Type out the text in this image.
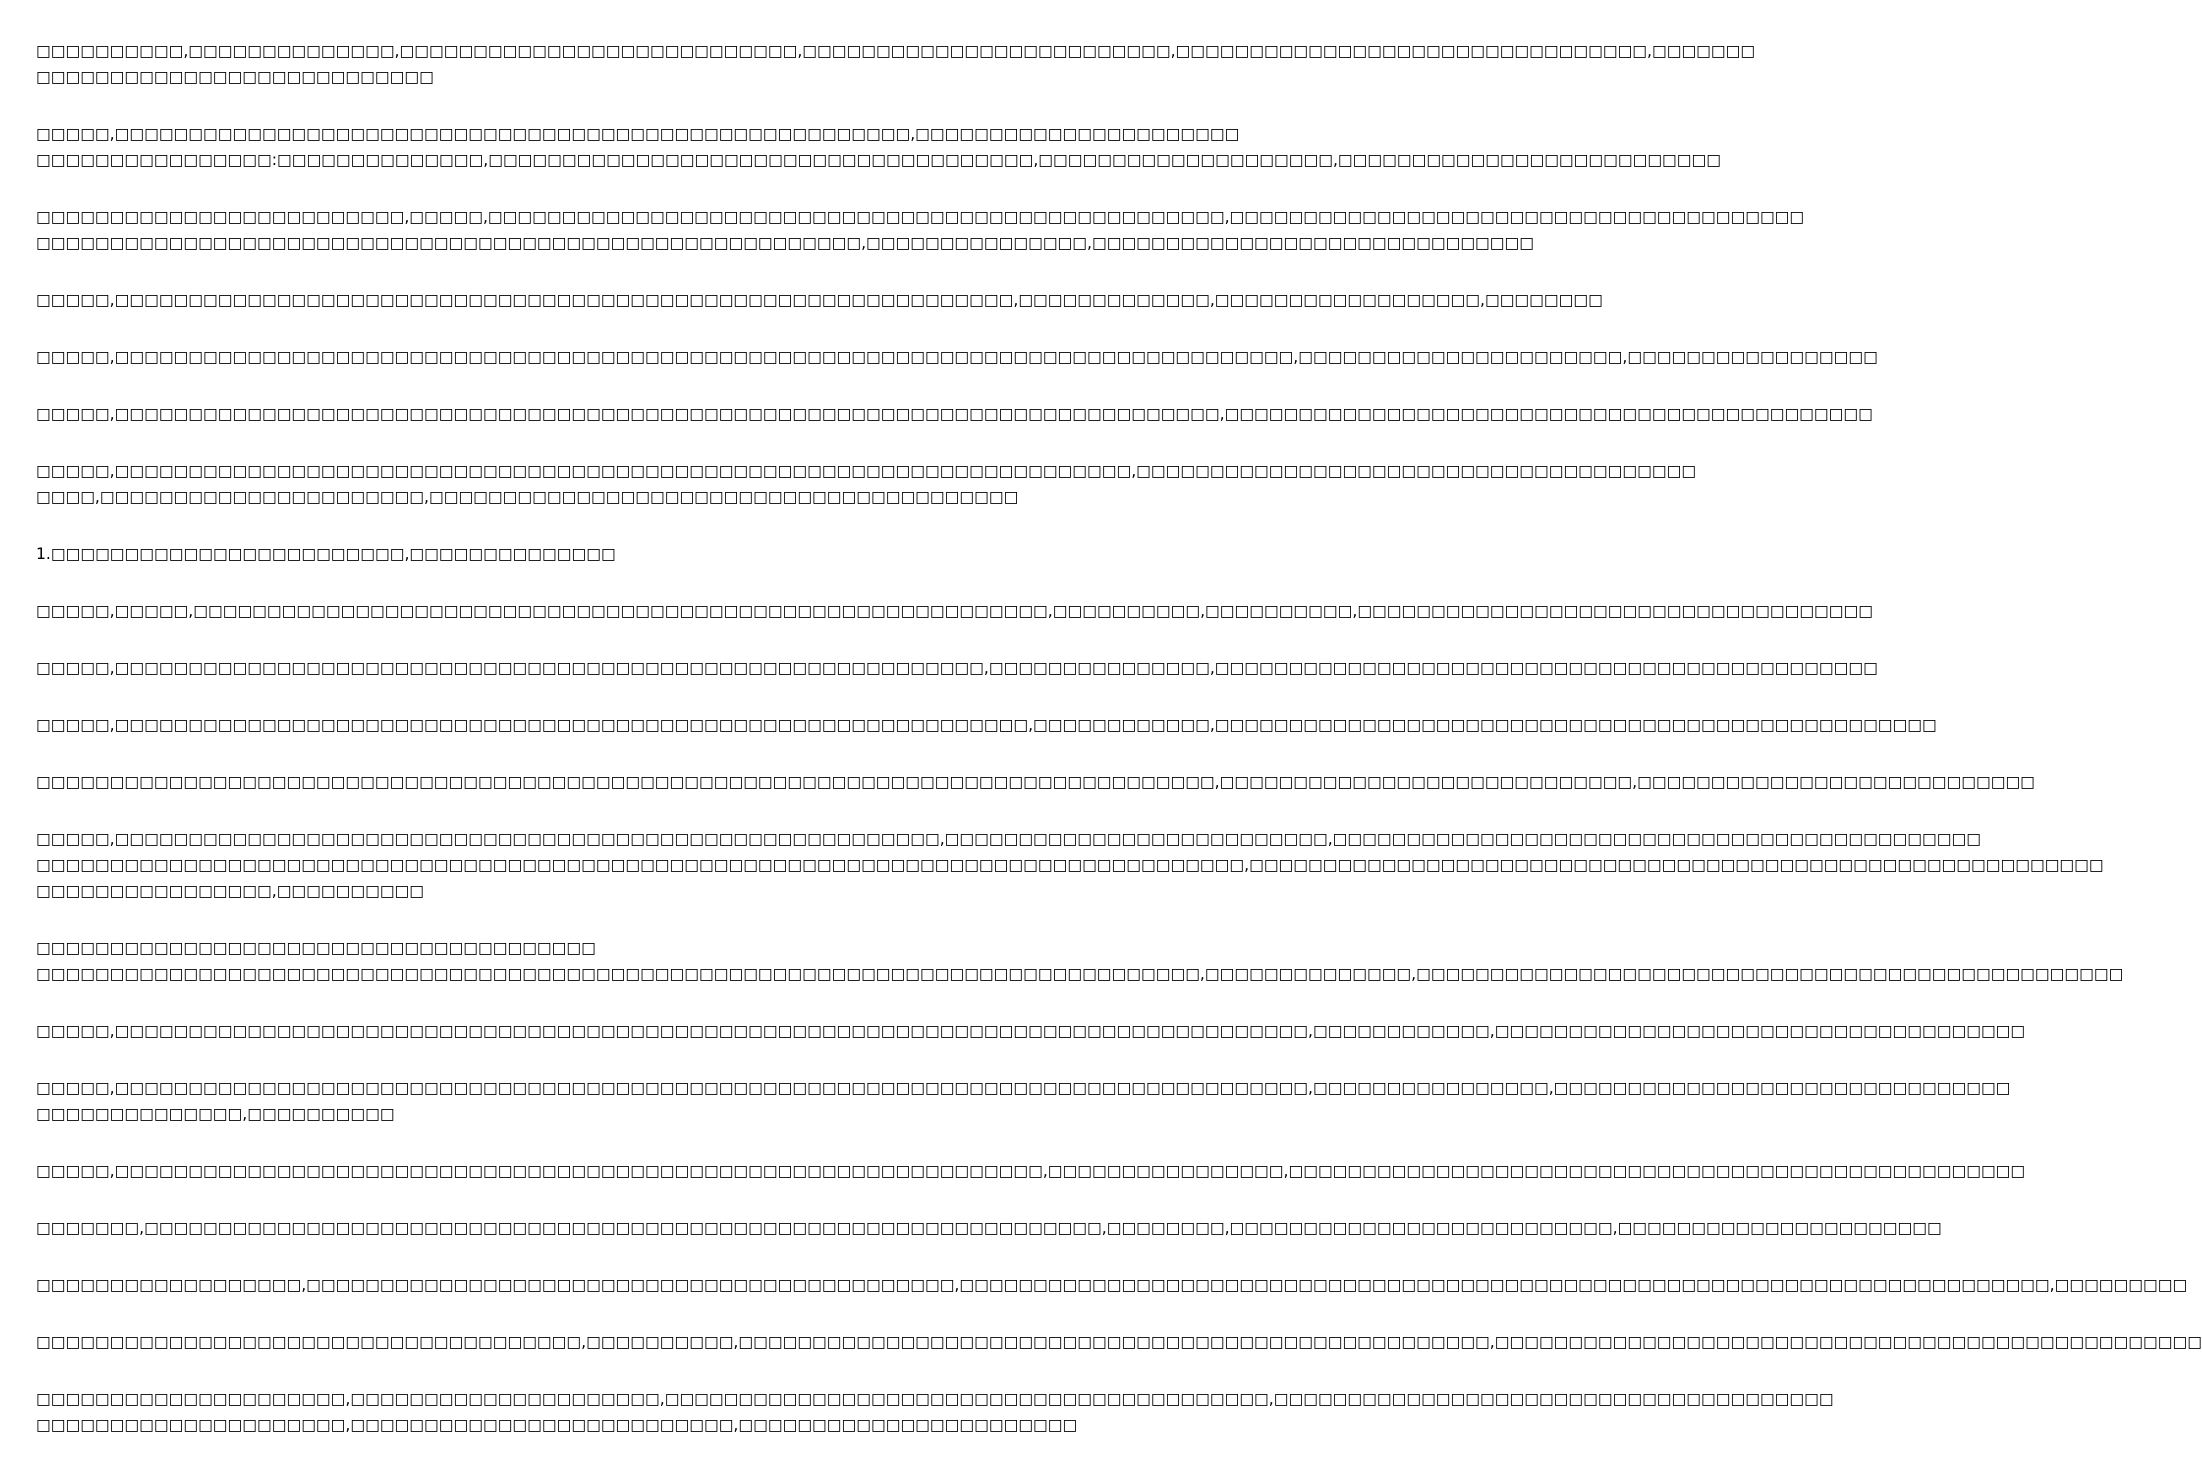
□□□□□□□□□□,□□□□□□□□□□□□□□,□□□□□□□□□□□□□□□□□□□□□□□□□□□,□□□□□□□□□□□□□□□□□□□□□□□□□,□□□□□□□□□□□□□□□□□□□□□□□□□□□□□□□□,□□□□□□□
□□□□□□□□□□□□□□□□□□□□□□□□□□□

□□□□□,□□□□□□□□□□□□□□□□□□□□□□□□□□□□□□□□□□□□□□□□□□□□□□□□□□□□□□,□□□□□□□□□□□□□□□□□□□□□□
□□□□□□□□□□□□□□□□:□□□□□□□□□□□□□□,□□□□□□□□□□□□□□□□□□□□□□□□□□□□□□□□□□□□□,□□□□□□□□□□□□□□□□□□□□,□□□□□□□□□□□□□□□□□□□□□□□□□□

□□□□□□□□□□□□□□□□□□□□□□□□□,□□□□□,□□□□□□□□□□□□□□□□□□□□□□□□□□□□□□□□□□□□□□□□□□□□□□□□□□,□□□□□□□□□□□□□□□□□□□□□□□□□□□□□□□□□□□□□□□
□□□□□□□□□□□□□□□□□□□□□□□□□□□□□□□□□□□□□□□□□□□□□□□□□□□□□□□□,□□□□□□□□□□□□□□□,□□□□□□□□□□□□□□□□□□□□□□□□□□□□□□

□□□□□,□□□□□□□□□□□□□□□□□□□□□□□□□□□□□□□□□□□□□□□□□□□□□□□□□□□□□□□□□□□□□,□□□□□□□□□□□□□,□□□□□□□□□□□□□□□□□□,□□□□□□□□

□□□□□,□□□□□□□□□□□□□□□□□□□□□□□□□□□□□□□□□□□□□□□□□□□□□□□□□□□□□□□□□□□□□□□□□□□□□□□□□□□□□□□□,□□□□□□□□□□□□□□□□□□□□□□,□□□□□□□□□□□□□□□□□

□□□□□,□□□□□□□□□□□□□□□□□□□□□□□□□□□□□□□□□□□□□□□□□□□□□□□□□□□□□□□□□□□□□□□□□□□□□□□□□□□,□□□□□□□□□□□□□□□□□□□□□□□□□□□□□□□□□□□□□□□□□□□□

□□□□□,□□□□□□□□□□□□□□□□□□□□□□□□□□□□□□□□□□□□□□□□□□□□□□□□□□□□□□□□□□□□□□□□□□□□□,□□□□□□□□□□□□□□□□□□□□□□□□□□□□□□□□□□□□□□
□□□□,□□□□□□□□□□□□□□□□□□□□□□,□□□□□□□□□□□□□□□□□□□□□□□□□□□□□□□□□□□□□□□□

1.□□□□□□□□□□□□□□□□□□□□□□□□,□□□□□□□□□□□□□□

□□□□□,□□□□□,□□□□□□□□□□□□□□□□□□□□□□□□□□□□□□□□□□□□□□□□□□□□□□□□□□□□□□□□□□,□□□□□□□□□□,□□□□□□□□□□,□□□□□□□□□□□□□□□□□□□□□□□□□□□□□□□□□□□

□□□□□,□□□□□□□□□□□□□□□□□□□□□□□□□□□□□□□□□□□□□□□□□□□□□□□□□□□□□□□□□□□,□□□□□□□□□□□□□□□,□□□□□□□□□□□□□□□□□□□□□□□□□□□□□□□□□□□□□□□□□□□□□

□□□□□,□□□□□□□□□□□□□□□□□□□□□□□□□□□□□□□□□□□□□□□□□□□□□□□□□□□□□□□□□□□□□□,□□□□□□□□□□□□,□□□□□□□□□□□□□□□□□□□□□□□□□□□□□□□□□□□□□□□□□□□□□□□□□

□□□□□□□□□□□□□□□□□□□□□□□□□□□□□□□□□□□□□□□□□□□□□□□□□□□□□□□□□□□□□□□□□□□□□□□□□□□□□□□□,□□□□□□□□□□□□□□□□□□□□□□□□□□□□,□□□□□□□□□□□□□□□□□□□□□□□□□□□

□□□□□,□□□□□□□□□□□□□□□□□□□□□□□□□□□□□□□□□□□□□□□□□□□□□□□□□□□□□□□□,□□□□□□□□□□□□□□□□□□□□□□□□□□,□□□□□□□□□□□□□□□□□□□□□□□□□□□□□□□□□□□□□□□□□□□□
□□□□□□□□□□□□□□□□□□□□□□□□□□□□□□□□□□□□□□□□□□□□□□□□□□□□□□□□□□□□□□□□□□□□□□□□□□□□□□□□□□,□□□□□□□□□□□□□□□□□□□□□□□□□□□□□□□□□□□□□□□□□□□□□□□□□□□□□□□□□□
□□□□□□□□□□□□□□□□,□□□□□□□□□□

□□□□□□□□□□□□□□□□□□□□□□□□□□□□□□□□□□□□□□
□□□□□□□□□□□□□□□□□□□□□□□□□□□□□□□□□□□□□□□□□□□□□□□□□□□□□□□□□□□□□□□□□□□□□□□□□□□□□□□,□□□□□□□□□□□□□□,□□□□□□□□□□□□□□□□□□□□□□□□□□□□□□□□□□□□□□□□□□□□□□□□

□□□□□,□□□□□□□□□□□□□□□□□□□□□□□□□□□□□□□□□□□□□□□□□□□□□□□□□□□□□□□□□□□□□□□□□□□□□□□□□□□□□□□□□,□□□□□□□□□□□□,□□□□□□□□□□□□□□□□□□□□□□□□□□□□□□□□□□□□

□□□□□,□□□□□□□□□□□□□□□□□□□□□□□□□□□□□□□□□□□□□□□□□□□□□□□□□□□□□□□□□□□□□□□□□□□□□□□□□□□□□□□□□,□□□□□□□□□□□□□□□□,□□□□□□□□□□□□□□□□□□□□□□□□□□□□□□□
□□□□□□□□□□□□□□,□□□□□□□□□□

□□□□□,□□□□□□□□□□□□□□□□□□□□□□□□□□□□□□□□□□□□□□□□□□□□□□□□□□□□□□□□□□□□□□□,□□□□□□□□□□□□□□□□,□□□□□□□□□□□□□□□□□□□□□□□□□□□□□□□□□□□□□□□□□□□□□□□□□□

□□□□□□□,□□□□□□□□□□□□□□□□□□□□□□□□□□□□□□□□□□□□□□□□□□□□□□□□□□□□□□□□□□□□□□□□□,□□□□□□□□,□□□□□□□□□□□□□□□□□□□□□□□□□□,□□□□□□□□□□□□□□□□□□□□□□

□□□□□□□□□□□□□□□□□□,□□□□□□□□□□□□□□□□□□□□□□□□□□□□□□□□□□□□□□□□□□□□,□□□□□□□□□□□□□□□□□□□□□□□□□□□□□□□□□□□□□□□□□□□□□□□□□□□□□□□□□□□□□□□□□□□□□□□□□□,□□□□□□□□□

□□□□□□□□□□□□□□□□□□□□□□□□□□□□□□□□□□□□□,□□□□□□□□□□,□□□□□□□□□□□□□□□□□□□□□□□□□□□□□□□□□□□□□□□□□□□□□□□□□□□,□□□□□□□□□□□□□□□□□□□□□□□□□□□□□□□□□□□□□□□□□□□□□□□□

□□□□□□□□□□□□□□□□□□□□□,□□□□□□□□□□□□□□□□□□□□□,□□□□□□□□□□□□□□□□□□□□□□□□□□□□□□□□□□□□□□□□□,□□□□□□□□□□□□□□□□□□□□□□□□□□□□□□□□□□□□□□
□□□□□□□□□□□□□□□□□□□□□,□□□□□□□□□□□□□□□□□□□□□□□□□□,□□□□□□□□□□□□□□□□□□□□□□□
